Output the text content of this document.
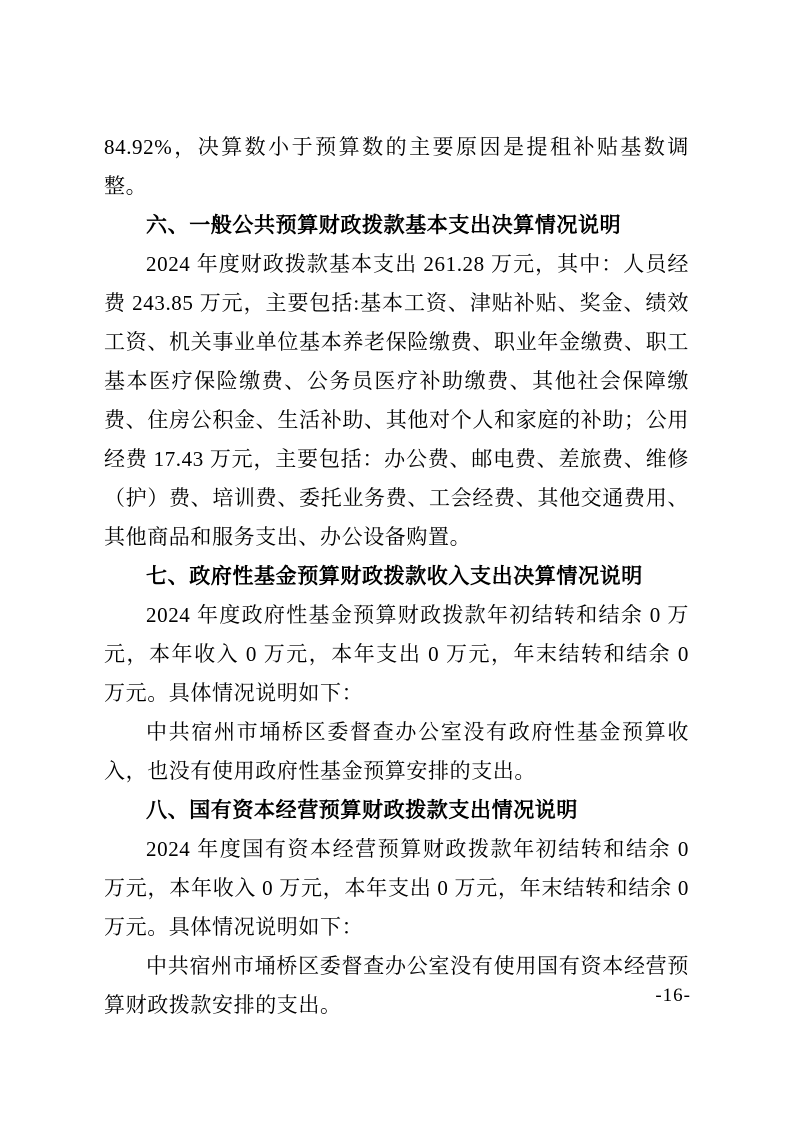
84.92%，决算数小于预算数的主要原因是提租补贴基数调整。

六、一般公共预算财政拨款基本支出决算情况说明

2024 年度财政拨款基本支出 261.28 万元，其中：人员经费 243.85 万元，主要包括:基本工资、津贴补贴、奖金、绩效工资、机关事业单位基本养老保险缴费、职业年金缴费、职工基本医疗保险缴费、公务员医疗补助缴费、其他社会保障缴费、住房公积金、生活补助、其他对个人和家庭的补助；公用经费 17.43 万元，主要包括：办公费、邮电费、差旅费、维修（护）费、培训费、委托业务费、工会经费、其他交通费用、其他商品和服务支出、办公设备购置。

七、政府性基金预算财政拨款收入支出决算情况说明

2024 年度政府性基金预算财政拨款年初结转和结余 0 万元，本年收入 0 万元，本年支出 0 万元，年末结转和结余 0 万元。具体情况说明如下：

中共宿州市埇桥区委督查办公室没有政府性基金预算收入，也没有使用政府性基金预算安排的支出。

八、国有资本经营预算财政拨款支出情况说明

2024 年度国有资本经营预算财政拨款年初结转和结余 0 万元，本年收入 0 万元，本年支出 0 万元，年末结转和结余 0 万元。具体情况说明如下：

中共宿州市埇桥区委督查办公室没有使用国有资本经营预算财政拨款安排的支出。	-16-
